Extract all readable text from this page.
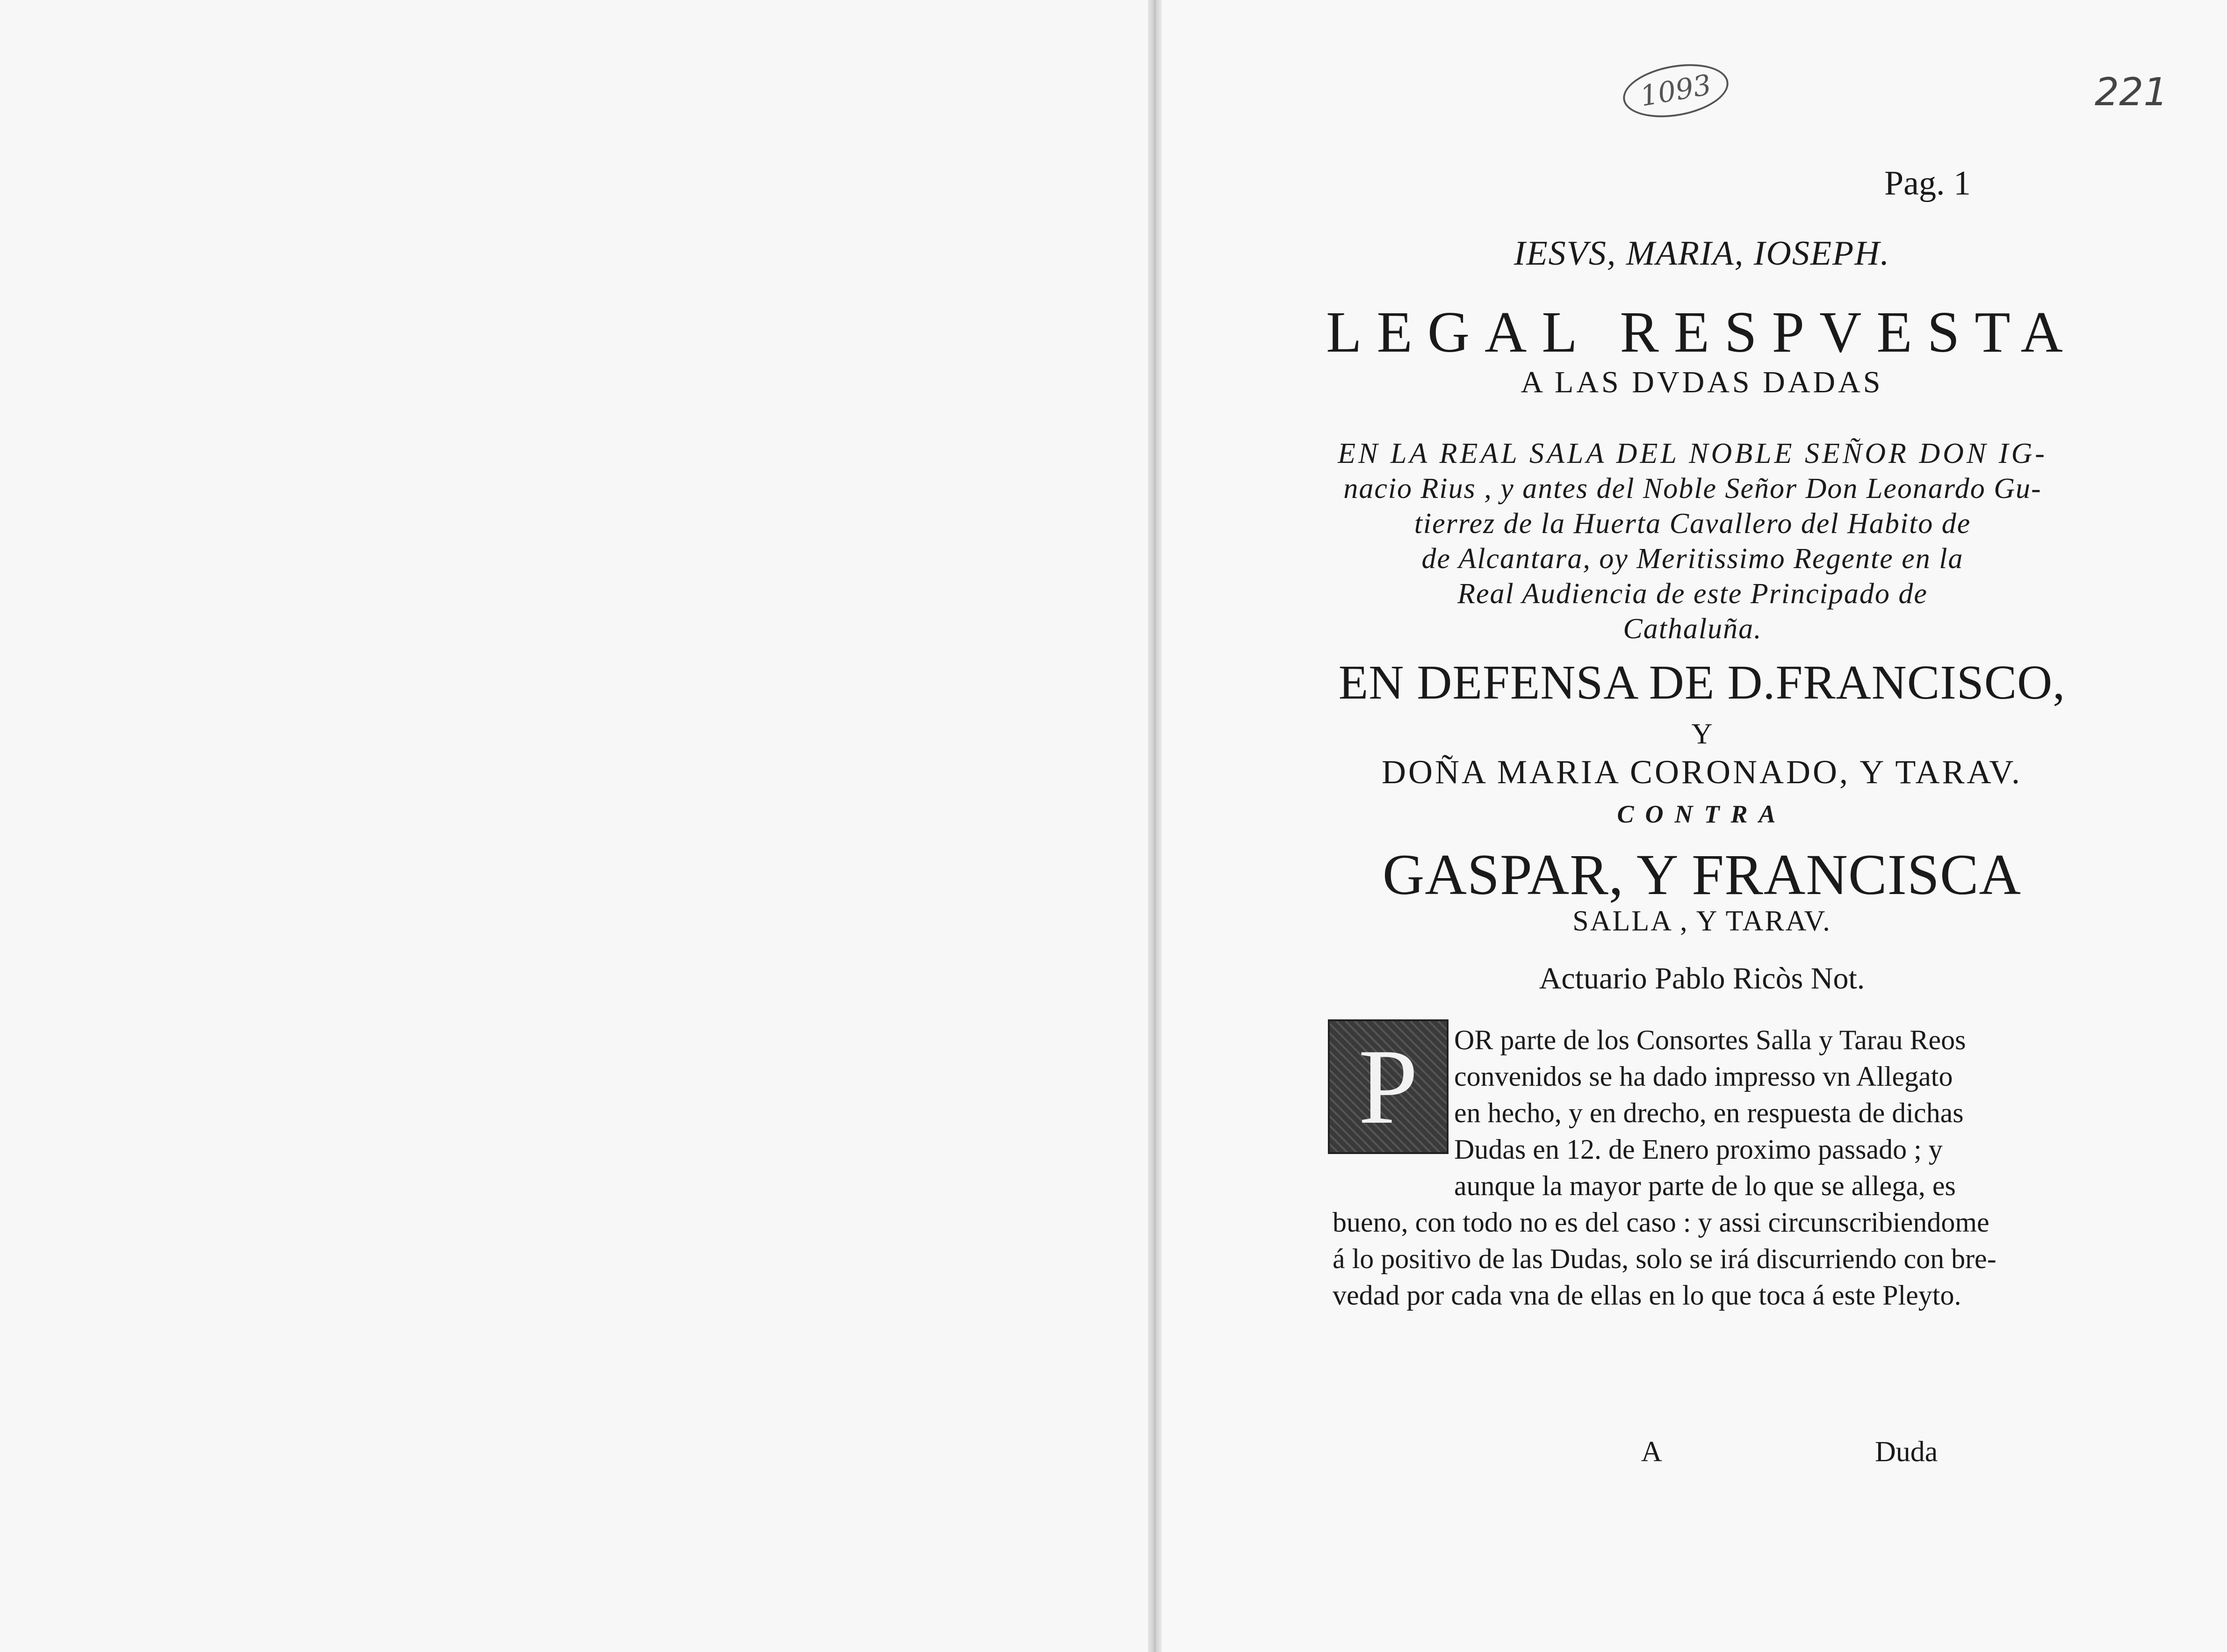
1093	221
Pag. 1
IESVS, MARIA, IOSEPH.
LEGAL RESPVESTA
A LAS DVDAS DADAS
EN LA REAL SALA DEL NOBLE SEÑOR DON IG-
nacio Rius , y antes del Noble Señor Don Leonardo Gu-
tierrez de la Huerta Cavallero del Habito de
de Alcantara, oy Meritissimo Regente en la
Real Audiencia de este Principado de
Cathaluña.
EN DEFENSA DE D.FRANCISCO,
Y
DOÑA MARIA CORONADO, Y TARAV.
CONTRA
GASPAR, Y FRANCISCA
SALLA , Y TARAV.
Actuario Pablo Ricòs Not.
P	OR parte de los Consortes Salla y Tarau Reos
convenidos se ha dado impresso vn Allegato
en hecho, y en drecho, en respuesta de dichas
Dudas en 12. de Enero proximo passado ; y
aunque la mayor parte de lo que se allega, es
bueno, con todo no es del caso : y assi circunscribiendome
á lo positivo de las Dudas, solo se irá discurriendo con bre-
vedad por cada vna de ellas en lo que toca á este Pleyto.
A	Duda
